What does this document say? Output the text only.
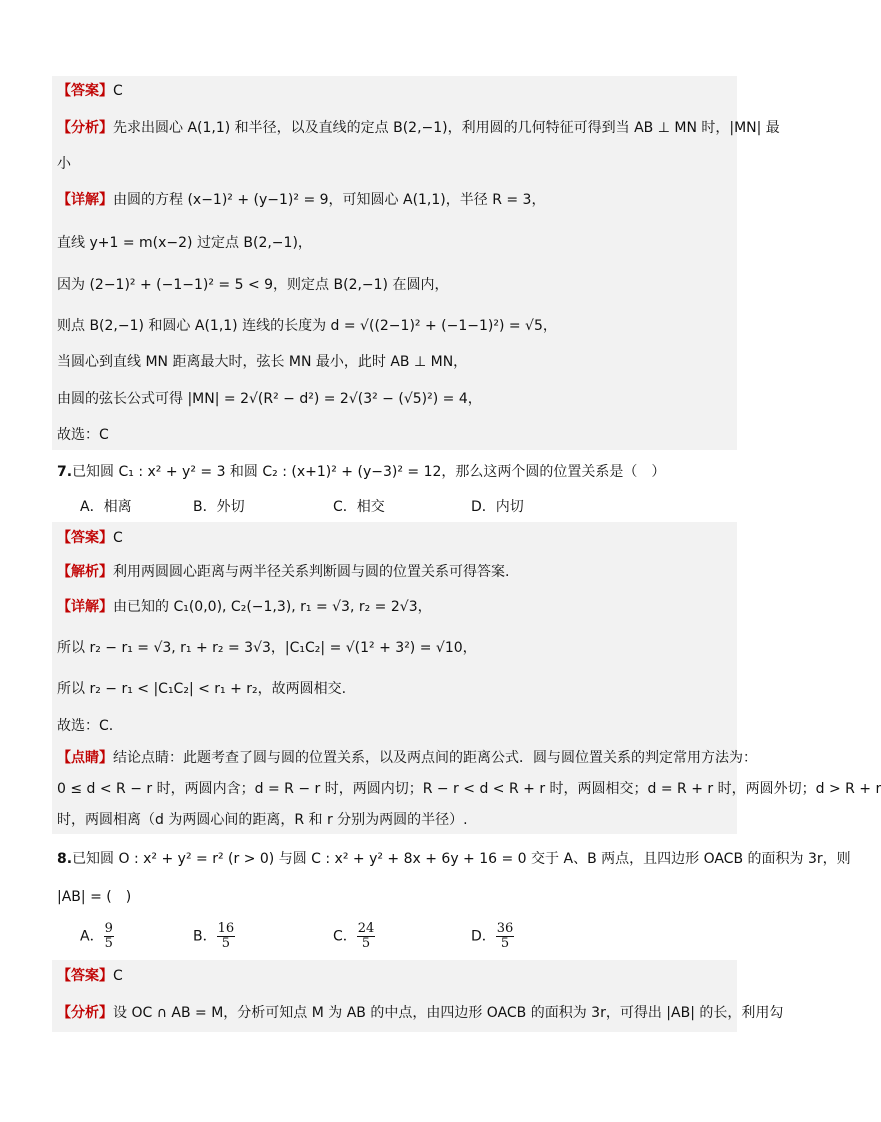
【答案】C
【分析】先求出圆心 A(1,1) 和半径，以及直线的定点 B(2,−1)，利用圆的几何特征可得到当 AB ⊥ MN 时，|MN| 最
小
【详解】由圆的方程 (x−1)² + (y−1)² = 9，可知圆心 A(1,1)，半径 R = 3，
直线 y+1 = m(x−2) 过定点 B(2,−1)，
因为 (2−1)² + (−1−1)² = 5 < 9，则定点 B(2,−1) 在圆内，
则点 B(2,−1) 和圆心 A(1,1) 连线的长度为 d = √((2−1)² + (−1−1)²) = √5，
当圆心到直线 MN 距离最大时，弦长 MN 最小，此时 AB ⊥ MN，
由圆的弦长公式可得 |MN| = 2√(R² − d²) = 2√(3² − (√5)²) = 4，
故选：C
7.已知圆 C₁ : x² + y² = 3 和圆 C₂ : (x+1)² + (y−3)² = 12，那么这两个圆的位置关系是（　）
A．相离	B．外切	C．相交	D．内切
【答案】C
【解析】利用两圆圆心距离与两半径关系判断圆与圆的位置关系可得答案.
【详解】由已知的 C₁(0,0), C₂(−1,3), r₁ = √3, r₂ = 2√3，
所以 r₂ − r₁ = √3, r₁ + r₂ = 3√3，|C₁C₂| = √(1² + 3²) = √10，
所以 r₂ − r₁ < |C₁C₂| < r₁ + r₂，故两圆相交.
故选：C.
【点睛】结论点睛：此题考查了圆与圆的位置关系，以及两点间的距离公式．圆与圆位置关系的判定常用方法为：
0 ≤ d < R − r 时，两圆内含；d = R − r 时，两圆内切；R − r < d < R + r 时，两圆相交；d = R + r 时，两圆外切；d > R + r
时，两圆相离（d 为两圆心间的距离，R 和 r 分别为两圆的半径）.
8.已知圆 O : x² + y² = r² (r > 0) 与圆 C : x² + y² + 8x + 6y + 16 = 0 交于 A、B 两点，且四边形 OACB 的面积为 3r，则
|AB| = (　)
A． $\frac{9}{5}$	B． $\frac{16}{5}$	C． $\frac{24}{5}$	D． $\frac{36}{5}$
【答案】C
【分析】设 OC ∩ AB = M，分析可知点 M 为 AB 的中点，由四边形 OACB 的面积为 3r，可得出 |AB| 的长，利用勾
